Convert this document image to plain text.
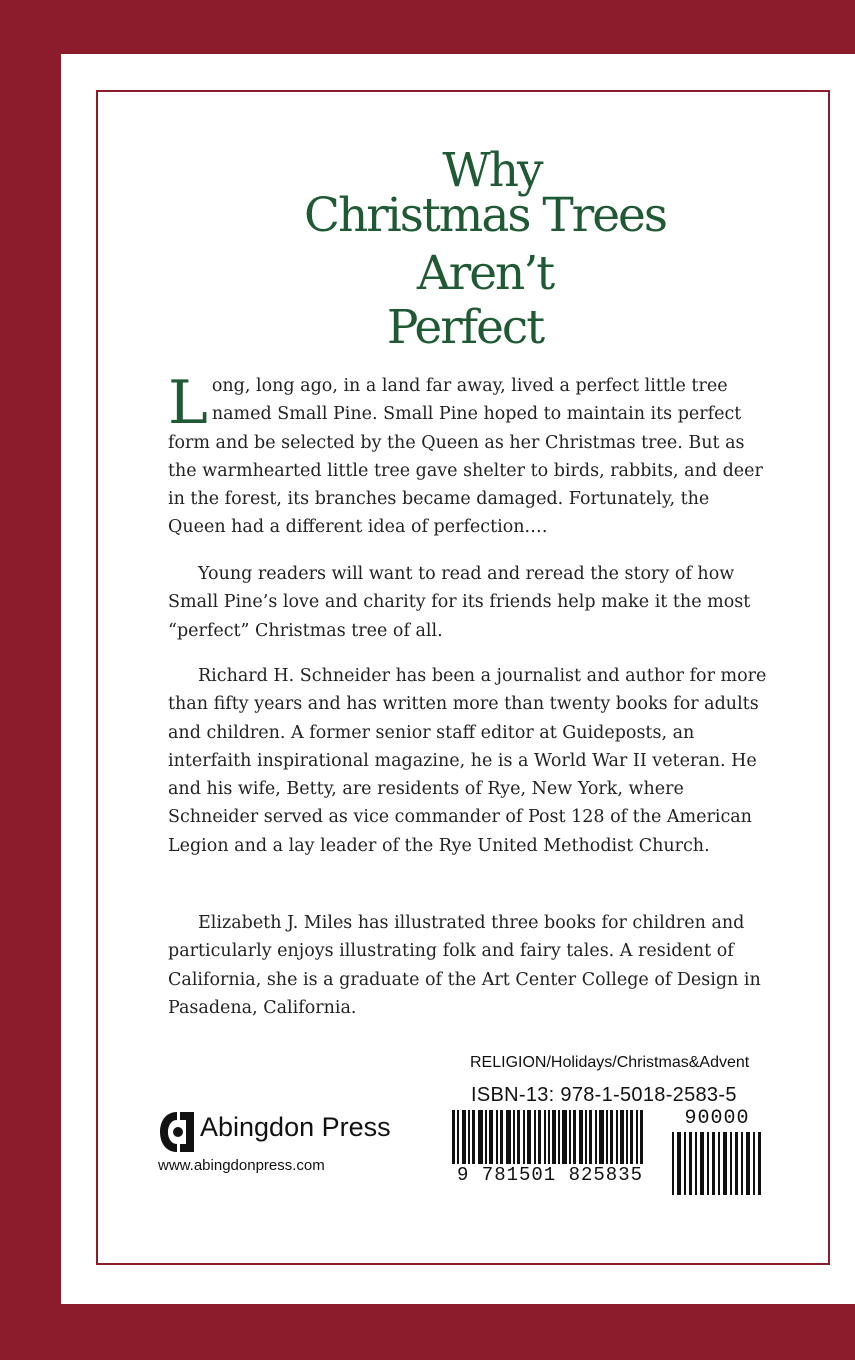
Why

Christmas Trees

Aren’t

Perfect

Long, long ago, in a land far away, lived a perfect little tree named Small Pine. Small Pine hoped to maintain its perfect form and be selected by the Queen as her Christmas tree. But as the warmhearted little tree gave shelter to birds, rabbits, and deer in the forest, its branches became damaged. Fortunately, the Queen had a different idea of perfection.…

Young readers will want to read and reread the story of how Small Pine’s love and charity for its friends help make it the most “perfect” Christmas tree of all.

Richard H. Schneider has been a journalist and author for more than fifty years and has written more than twenty books for adults and children. A former senior staff editor at Guideposts, an interfaith inspirational magazine, he is a World War II veteran. He and his wife, Betty, are residents of Rye, New York, where Schneider served as vice commander of Post 128 of the American Legion and a lay leader of the Rye United Methodist Church.

Elizabeth J. Miles has illustrated three books for children and particularly enjoys illustrating folk and fairy tales. A resident of California, she is a graduate of the Art Center College of Design in Pasadena, California.

RELIGION/Holidays/Christmas&Advent

ISBN-13: 978-1-5018-2583-5

9 781501 825835

90000

Abingdon Press

www.abingdonpress.com
